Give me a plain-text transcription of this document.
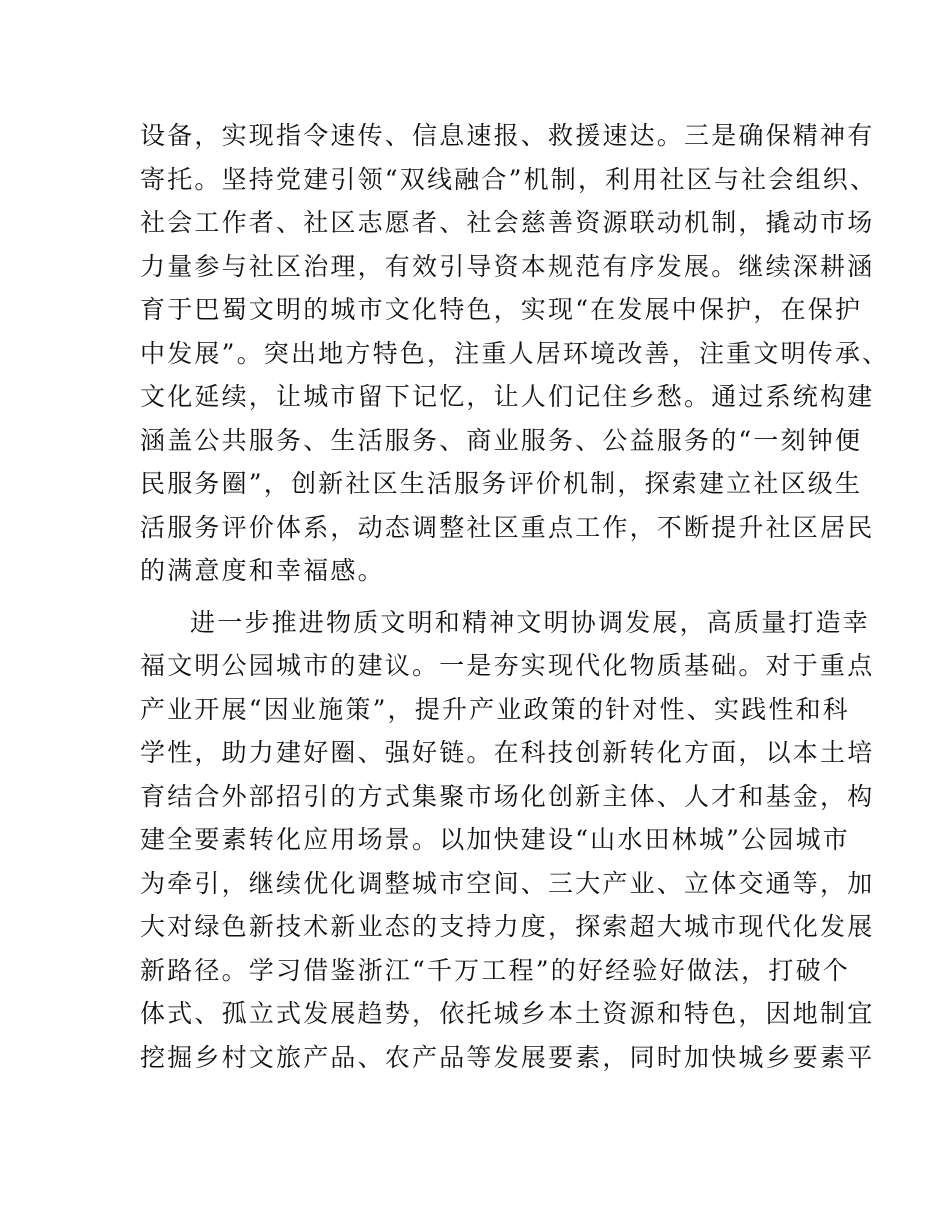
设备，实现指令速传、信息速报、救援速达。三是确保精神有
寄托。坚持党建引领“双线融合”机制，利用社区与社会组织、
社会工作者、社区志愿者、社会慈善资源联动机制，撬动市场
力量参与社区治理，有效引导资本规范有序发展。继续深耕涵
育于巴蜀文明的城市文化特色，实现“在发展中保护，在保护
中发展”。突出地方特色，注重人居环境改善，注重文明传承、
文化延续，让城市留下记忆，让人们记住乡愁。通过系统构建
涵盖公共服务、生活服务、商业服务、公益服务的“一刻钟便
民服务圈”，创新社区生活服务评价机制，探索建立社区级生
活服务评价体系，动态调整社区重点工作，不断提升社区居民
的满意度和幸福感。

进一步推进物质文明和精神文明协调发展，高质量打造幸
福文明公园城市的建议。一是夯实现代化物质基础。对于重点
产业开展“因业施策”，提升产业政策的针对性、实践性和科
学性，助力建好圈、强好链。在科技创新转化方面，以本土培
育结合外部招引的方式集聚市场化创新主体、人才和基金，构
建全要素转化应用场景。以加快建设“山水田林城”公园城市
为牵引，继续优化调整城市空间、三大产业、立体交通等，加
大对绿色新技术新业态的支持力度，探索超大城市现代化发展
新路径。学习借鉴浙江“千万工程”的好经验好做法，打破个
体式、孤立式发展趋势，依托城乡本土资源和特色，因地制宜
挖掘乡村文旅产品、农产品等发展要素，同时加快城乡要素平
